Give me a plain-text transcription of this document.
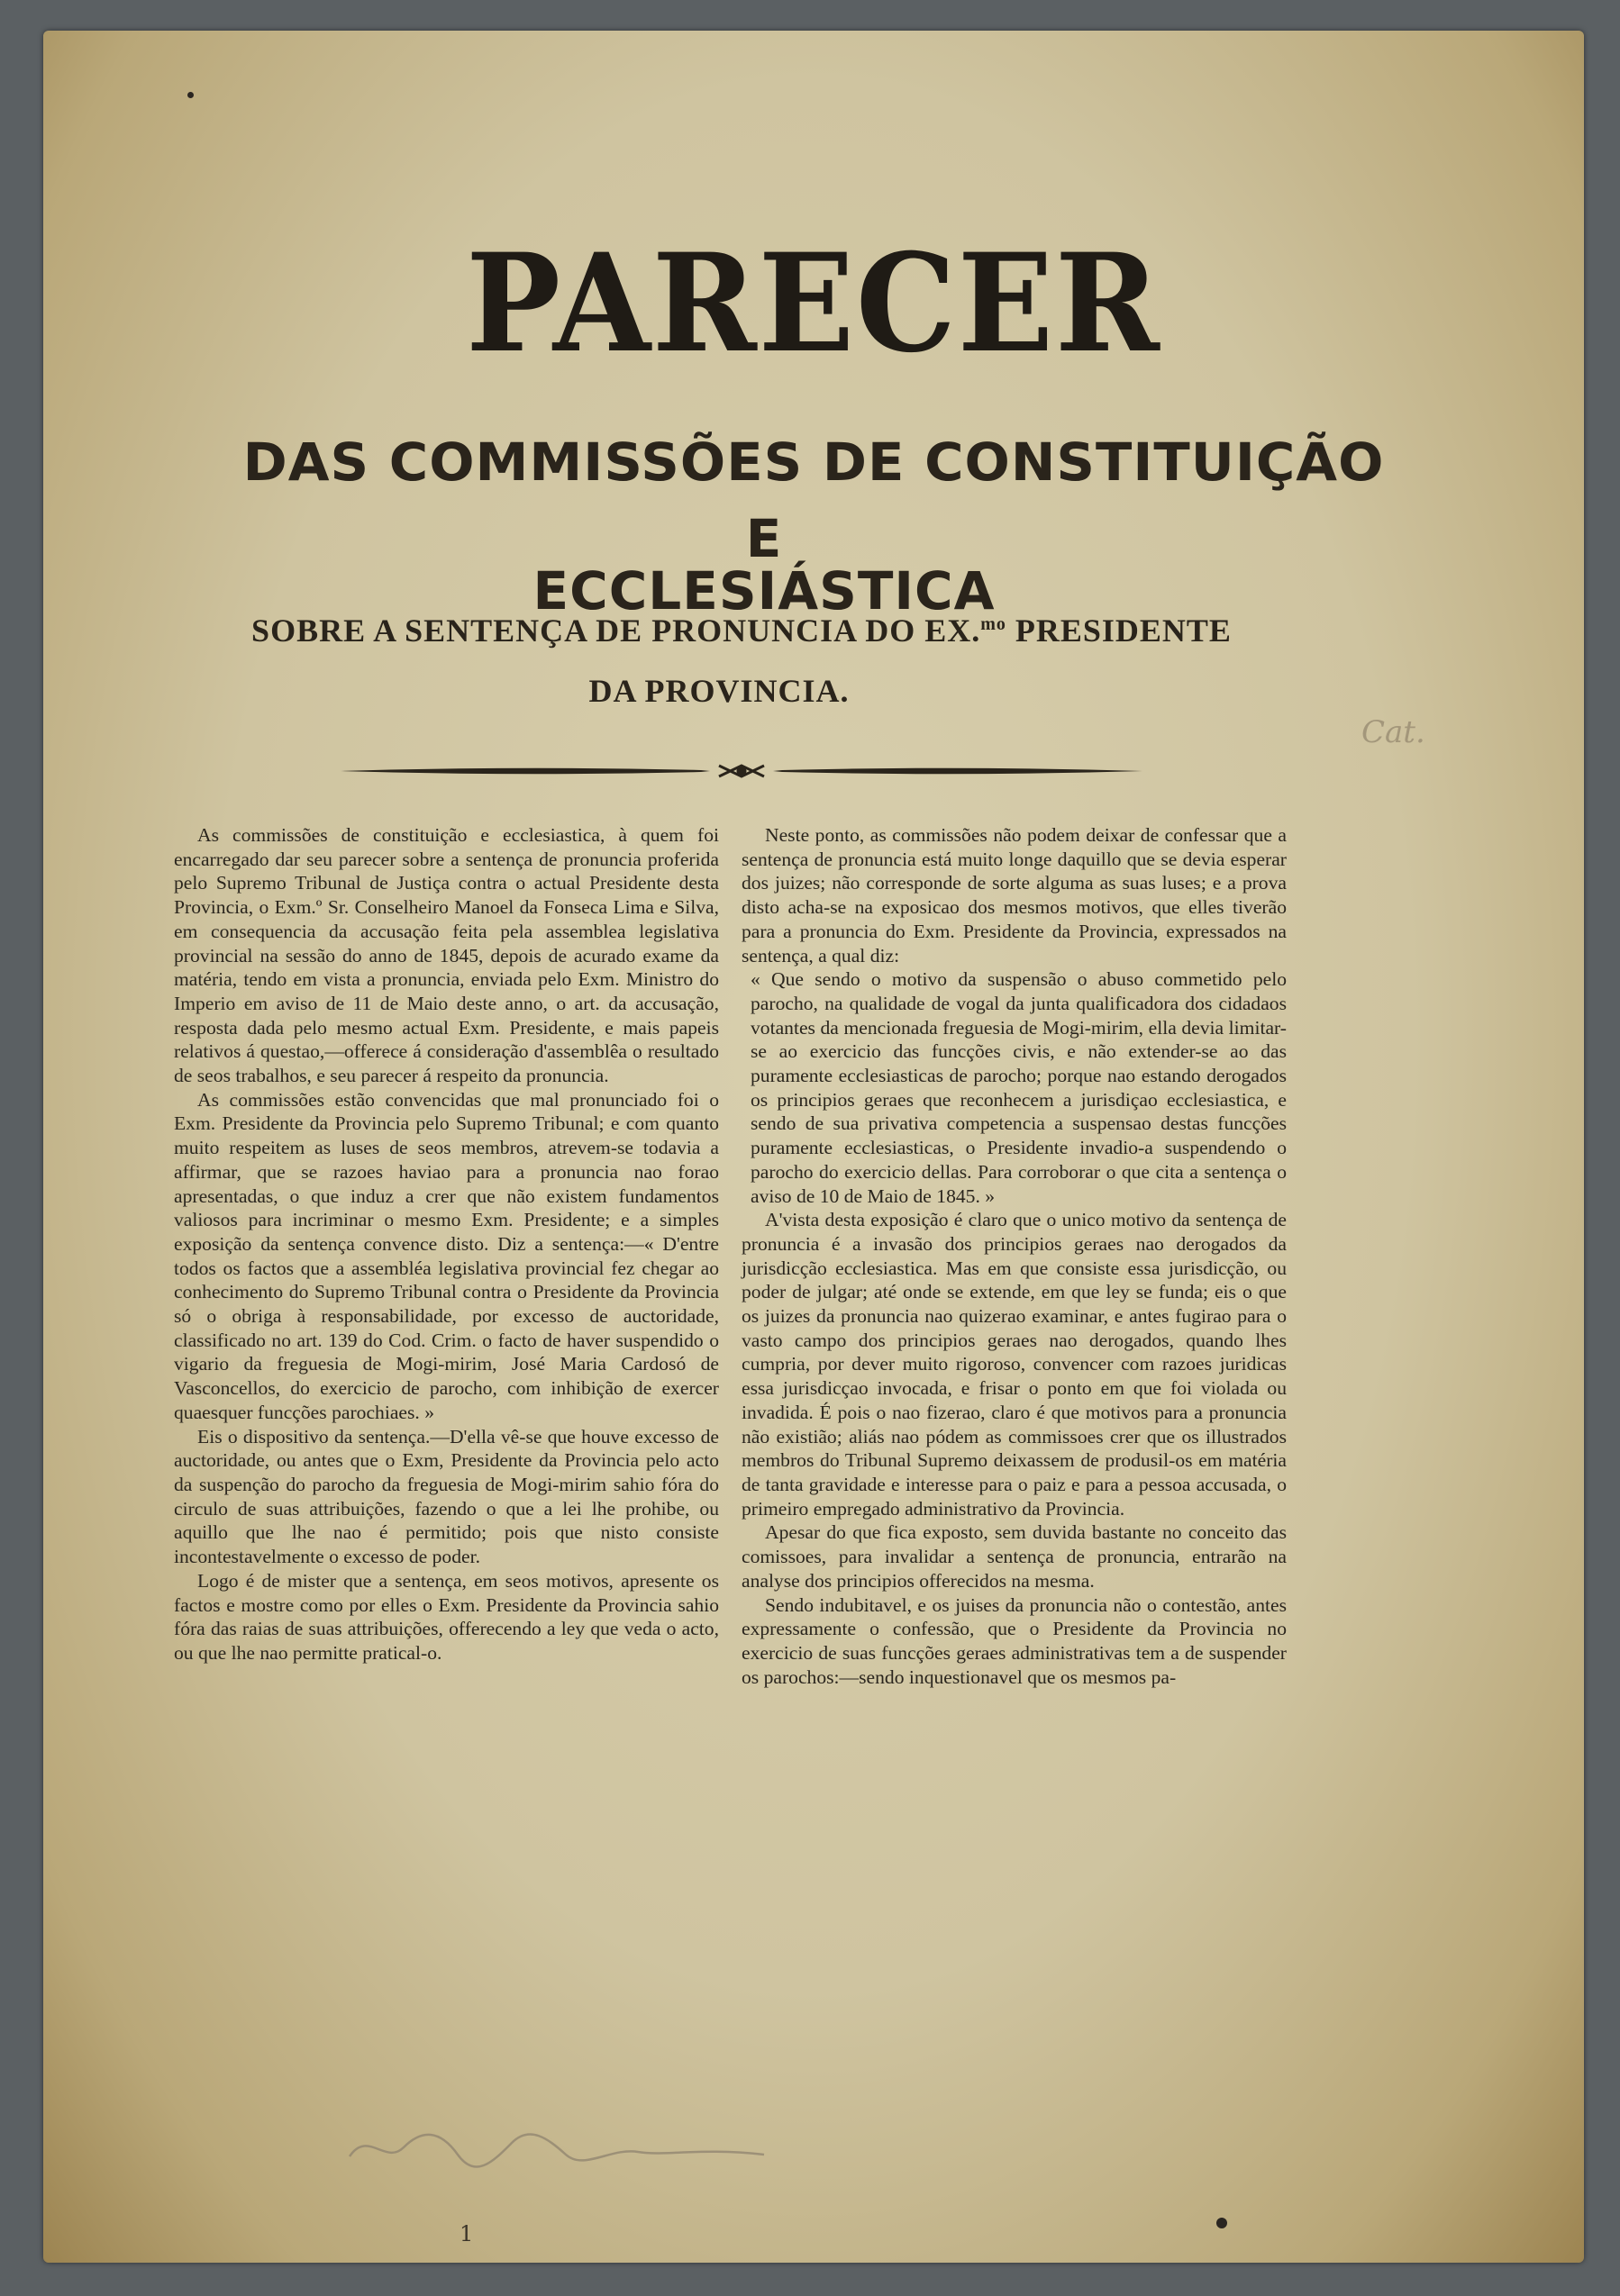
PARECER

DAS COMMISSÕES DE CONSTITUIÇÃO

E ECCLESIÁSTICA

SOBRE A SENTENÇA DE PRONUNCIA DO EX.$^{mo}$ PRESIDENTE

DA PROVINCIA.

Cat.

As commissões de constituição e ecclesiastica, à quem foi encarregado dar seu parecer sobre a sentença de pronuncia proferida pelo Supremo Tribunal de Justiça contra o actual Presidente desta Provincia, o Exm.º Sr. Conselheiro Manoel da Fonseca Lima e Silva, em consequencia da accusação feita pela assemblea legislativa provincial na sessão do anno de 1845, depois de acurado exame da matéria, tendo em vista a pronuncia, enviada pelo Exm. Ministro do Imperio em aviso de 11 de Maio deste anno, o art. da accusação, resposta dada pelo mesmo actual Exm. Presidente, e mais papeis relativos á questao,—offerece á consideração d'assemblêa o resultado de seos trabalhos, e seu parecer á respeito da pronuncia.

As commissões estão convencidas que mal pronunciado foi o Exm. Presidente da Provincia pelo Supremo Tribunal; e com quanto muito respeitem as luses de seos membros, atrevem-se todavia a affirmar, que se razoes haviao para a pronuncia nao forao apresentadas, o que induz a crer que não existem fundamentos valiosos para incriminar o mesmo Exm. Presidente; e a simples exposição da sentença convence disto. Diz a sentença:—« D'entre todos os factos que a assembléa legislativa provincial fez chegar ao conhecimento do Supremo Tribunal contra o Presidente da Provincia só o obriga à responsabilidade, por excesso de auctoridade, classificado no art. 139 do Cod. Crim. o facto de haver suspendido o vigario da freguesia de Mogi-mirim, José Maria Cardosó de Vasconcellos, do exercicio de parocho, com inhibição de exercer quaesquer funcções parochiaes. »

Eis o dispositivo da sentença.—D'ella vê-se que houve excesso de auctoridade, ou antes que o Exm, Presidente da Provincia pelo acto da suspenção do parocho da freguesia de Mogi-mirim sahio fóra do circulo de suas attribuições, fazendo o que a lei lhe prohibe, ou aquillo que lhe nao é permitido; pois que nisto consiste incontestavelmente o excesso de poder.

Logo é de mister que a sentença, em seos motivos, apresente os factos e mostre como por elles o Exm. Presidente da Provincia sahio fóra das raias de suas attribuições, offerecendo a ley que veda o acto, ou que lhe nao permitte pratical-o.

Neste ponto, as commissões não podem deixar de confessar que a sentença de pronuncia está muito longe daquillo que se devia esperar dos juizes; não corresponde de sorte alguma as suas luses; e a prova disto acha-se na exposicao dos mesmos motivos, que elles tiverão para a pronuncia do Exm. Presidente da Provincia, expressados na sentença, a qual diz:

« Que sendo o motivo da suspensão o abuso commetido pelo parocho, na qualidade de vogal da junta qualificadora dos cidadaos votantes da mencionada freguesia de Mogi-mirim, ella devia limitar-se ao exercicio das funcções civis, e não extender-se ao das puramente ecclesiasticas de parocho; porque nao estando derogados os principios geraes que reconhecem a jurisdiçao ecclesiastica, e sendo de sua privativa competencia a suspensao destas funcções puramente ecclesiasticas, o Presidente invadio-a suspendendo o parocho do exercicio dellas. Para corroborar o que cita a sentença o aviso de 10 de Maio de 1845. »

A'vista desta exposição é claro que o unico motivo da sentença de pronuncia é a invasão dos principios geraes nao derogados da jurisdicção ecclesiastica. Mas em que consiste essa jurisdicção, ou poder de julgar; até onde se extende, em que ley se funda; eis o que os juizes da pronuncia nao quizerao examinar, e antes fugirao para o vasto campo dos principios geraes nao derogados, quando lhes cumpria, por dever muito rigoroso, convencer com razoes juridicas essa jurisdicçao invocada, e frisar o ponto em que foi violada ou invadida. É pois o nao fizerao, claro é que motivos para a pronuncia não existião; aliás nao pódem as commissoes crer que os illustrados membros do Tribunal Supremo deixassem de produsil-os em matéria de tanta gravidade e interesse para o paiz e para a pessoa accusada, o primeiro empregado administrativo da Provincia.

Apesar do que fica exposto, sem duvida bastante no conceito das comissoes, para invalidar a sentença de pronuncia, entrarão na analyse dos principios offerecidos na mesma.

Sendo indubitavel, e os juises da pronuncia não o contestão, antes expressamente o confessão, que o Presidente da Provincia no exercicio de suas funcções geraes administrativas tem a de suspender os parochos:—sendo inquestionavel que os mesmos pa-

1
